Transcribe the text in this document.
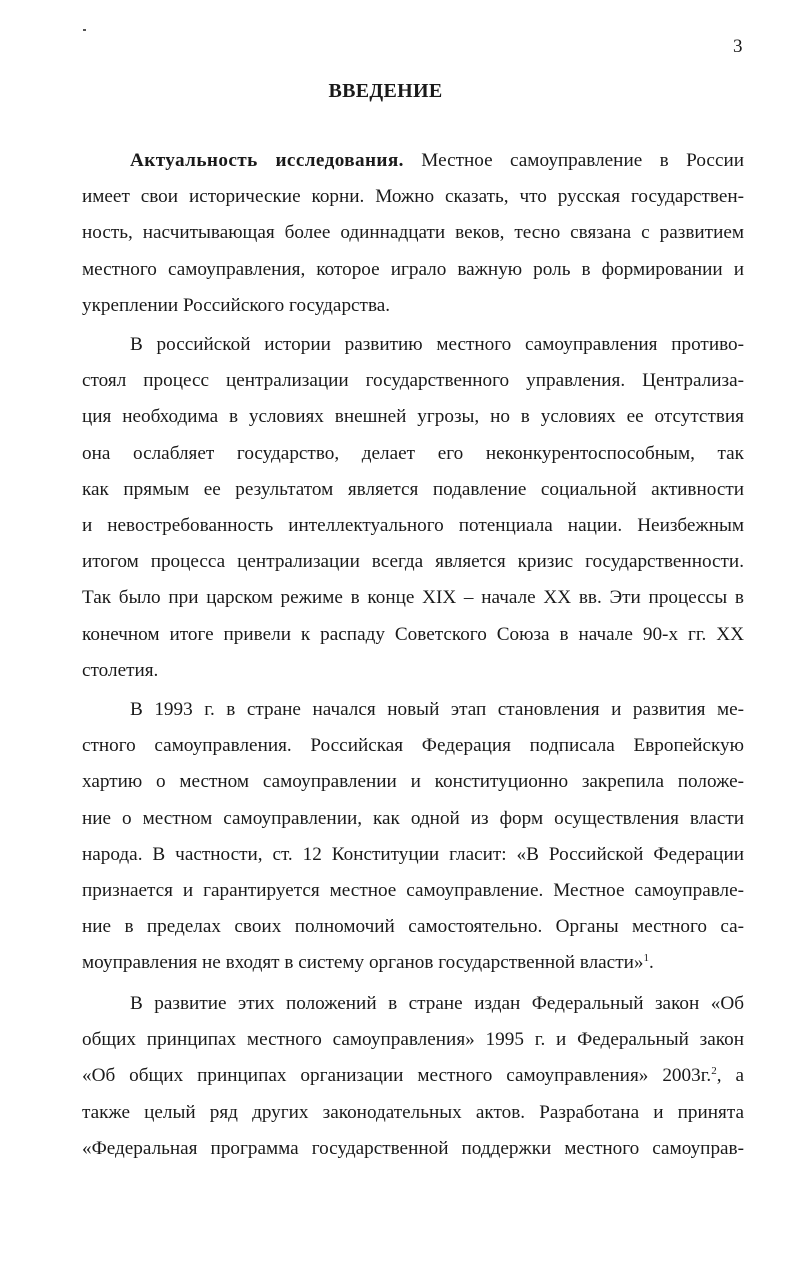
3
ВВЕДЕНИЕ
Актуальность исследования. Местное самоуправление в России
имеет свои исторические корни. Можно сказать, что русская государствен-
ность, насчитывающая более одиннадцати веков, тесно связана с развитием
местного самоуправления, которое играло важную роль в формировании и
укреплении Российского государства.
В российской истории развитию местного самоуправления противо-
стоял процесс централизации государственного управления. Централиза-
ция необходима в условиях внешней угрозы, но в условиях ее отсутствия
она ослабляет государство, делает его неконкурентоспособным, так
как прямым ее результатом является подавление социальной активности
и невостребованность интеллектуального потенциала нации. Неизбежным
итогом процесса централизации всегда является кризис государственности.
Так было при царском режиме в конце XIX – начале XX вв. Эти процессы в
конечном итоге привели к распаду Советского Союза в начале 90-х гг. XX
столетия.
В 1993 г. в стране начался новый этап становления и развития ме-
стного самоуправления. Российская Федерация подписала Европейскую
хартию о местном самоуправлении и конституционно закрепила положе-
ние о местном самоуправлении, как одной из форм осуществления власти
народа. В частности, ст. 12 Конституции гласит: «В Российской Федерации
признается и гарантируется местное самоуправление. Местное самоуправле-
ние в пределах своих полномочий самостоятельно. Органы местного са-
моуправления не входят в систему органов государственной власти»$^1$.
В развитие этих положений в стране издан Федеральный закон «Об
общих принципах местного самоуправления» 1995 г. и Федеральный закон
«Об общих принципах организации местного самоуправления» 2003г.$^2$, а
также целый ряд других законодательных актов. Разработана и принята
«Федеральная программа государственной поддержки местного самоуправ-
